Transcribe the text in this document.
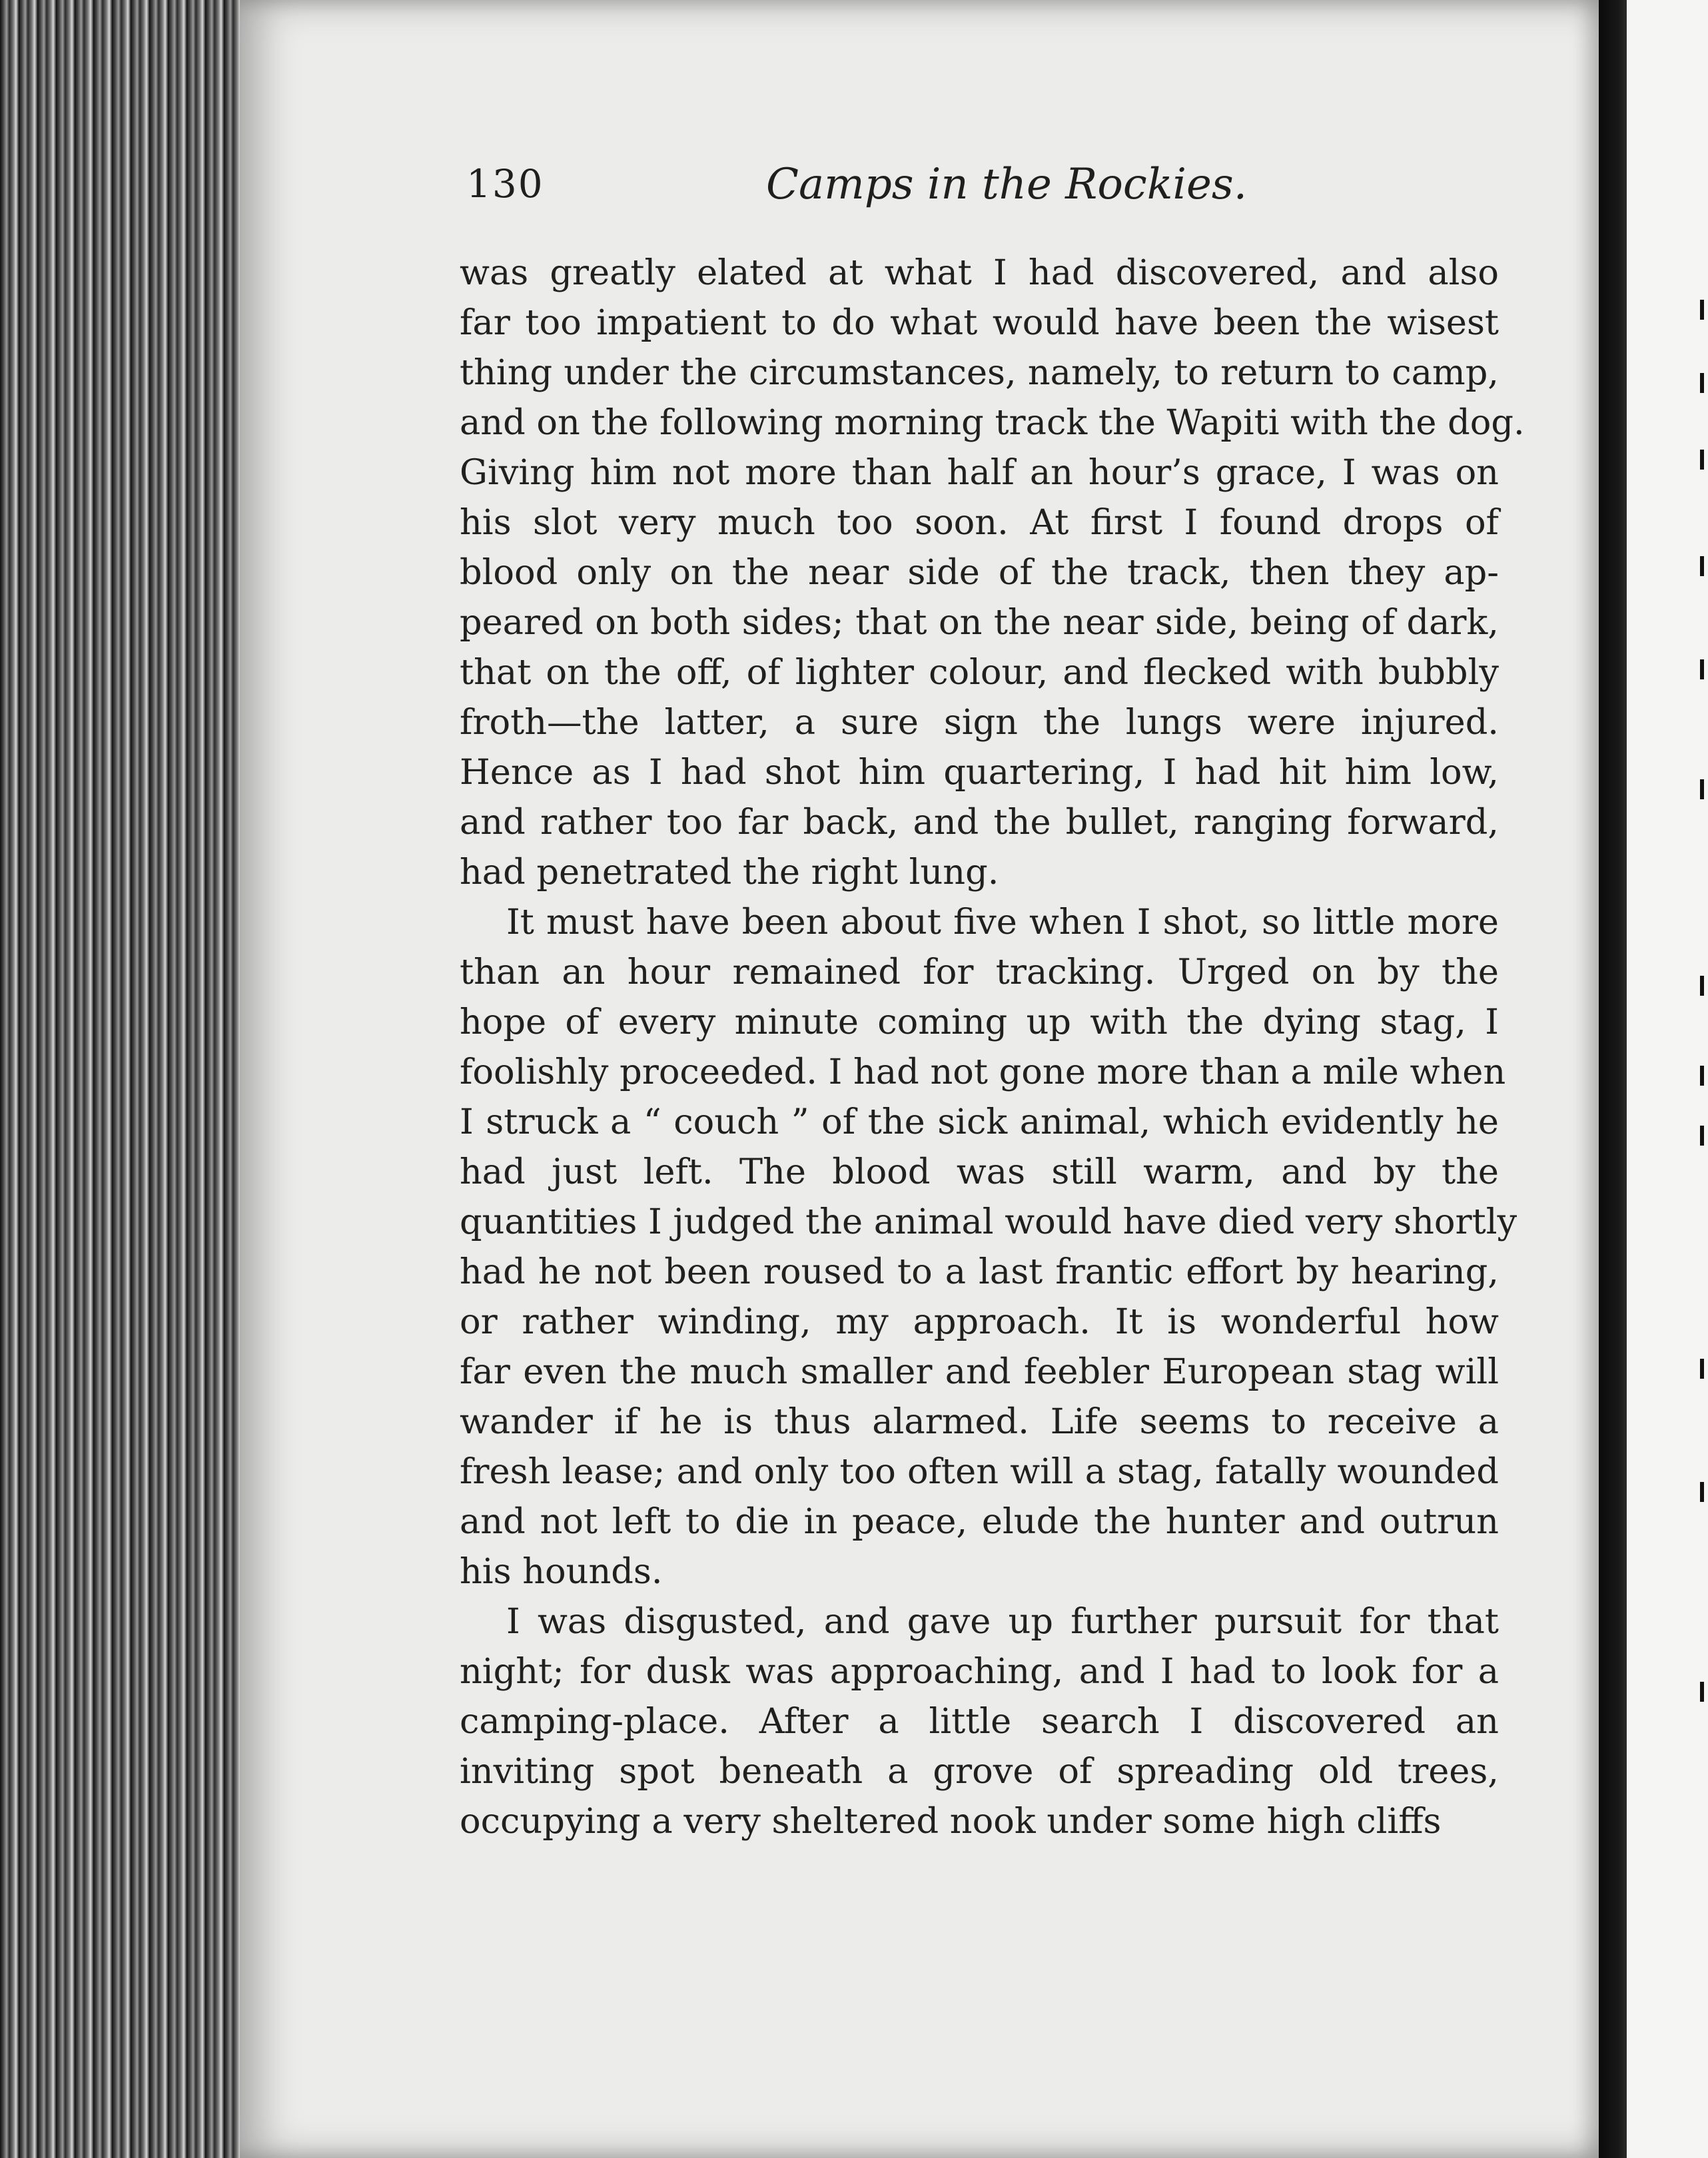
130	Camps in the Rockies.
was greatly elated at what I had discovered, and also
far too impatient to do what would have been the wisest
thing under the circumstances, namely, to return to camp,
and on the following morning track the Wapiti with the dog.
Giving him not more than half an hour’s grace, I was on
his slot very much too soon. At first I found drops of
blood only on the near side of the track, then they ap-
peared on both sides; that on the near side, being of dark,
that on the off, of lighter colour, and flecked with bubbly
froth—the latter, a sure sign the lungs were injured.
Hence as I had shot him quartering, I had hit him low,
and rather too far back, and the bullet, ranging forward,
had penetrated the right lung.
It must have been about five when I shot, so little more
than an hour remained for tracking. Urged on by the
hope of every minute coming up with the dying stag, I
foolishly proceeded. I had not gone more than a mile when
I struck a “ couch ” of the sick animal, which evidently he
had just left. The blood was still warm, and by the
quantities I judged the animal would have died very shortly
had he not been roused to a last frantic effort by hearing,
or rather winding, my approach. It is wonderful how
far even the much smaller and feebler European stag will
wander if he is thus alarmed. Life seems to receive a
fresh lease; and only too often will a stag, fatally wounded
and not left to die in peace, elude the hunter and outrun
his hounds.
I was disgusted, and gave up further pursuit for that
night; for dusk was approaching, and I had to look for a
camping-place. After a little search I discovered an
inviting spot beneath a grove of spreading old trees,
occupying a very sheltered nook under some high cliffs
